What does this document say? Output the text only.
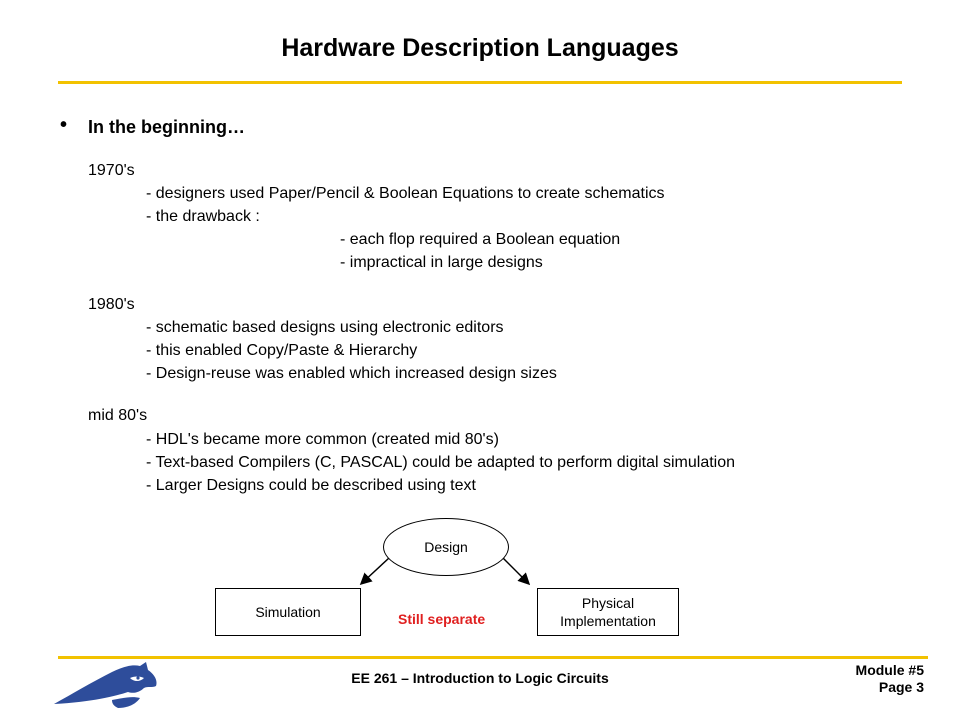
Hardware Description Languages
• In the beginning…
1970's
- designers used Paper/Pencil & Boolean Equations to create schematics
- the drawback :
- each flop required a Boolean equation
- impractical in large designs
1980's
- schematic based designs using electronic editors
- this enabled Copy/Paste & Hierarchy
- Design-reuse was enabled which increased design sizes
mid 80's
- HDL's became more common (created mid 80's)
- Text-based Compilers (C, PASCAL) could be adapted to perform digital simulation
- Larger Designs could be described using text
Design
Simulation
Physical
Implementation
Still separate
EE 261 – Introduction to Logic Circuits	Module #5
Page 3
